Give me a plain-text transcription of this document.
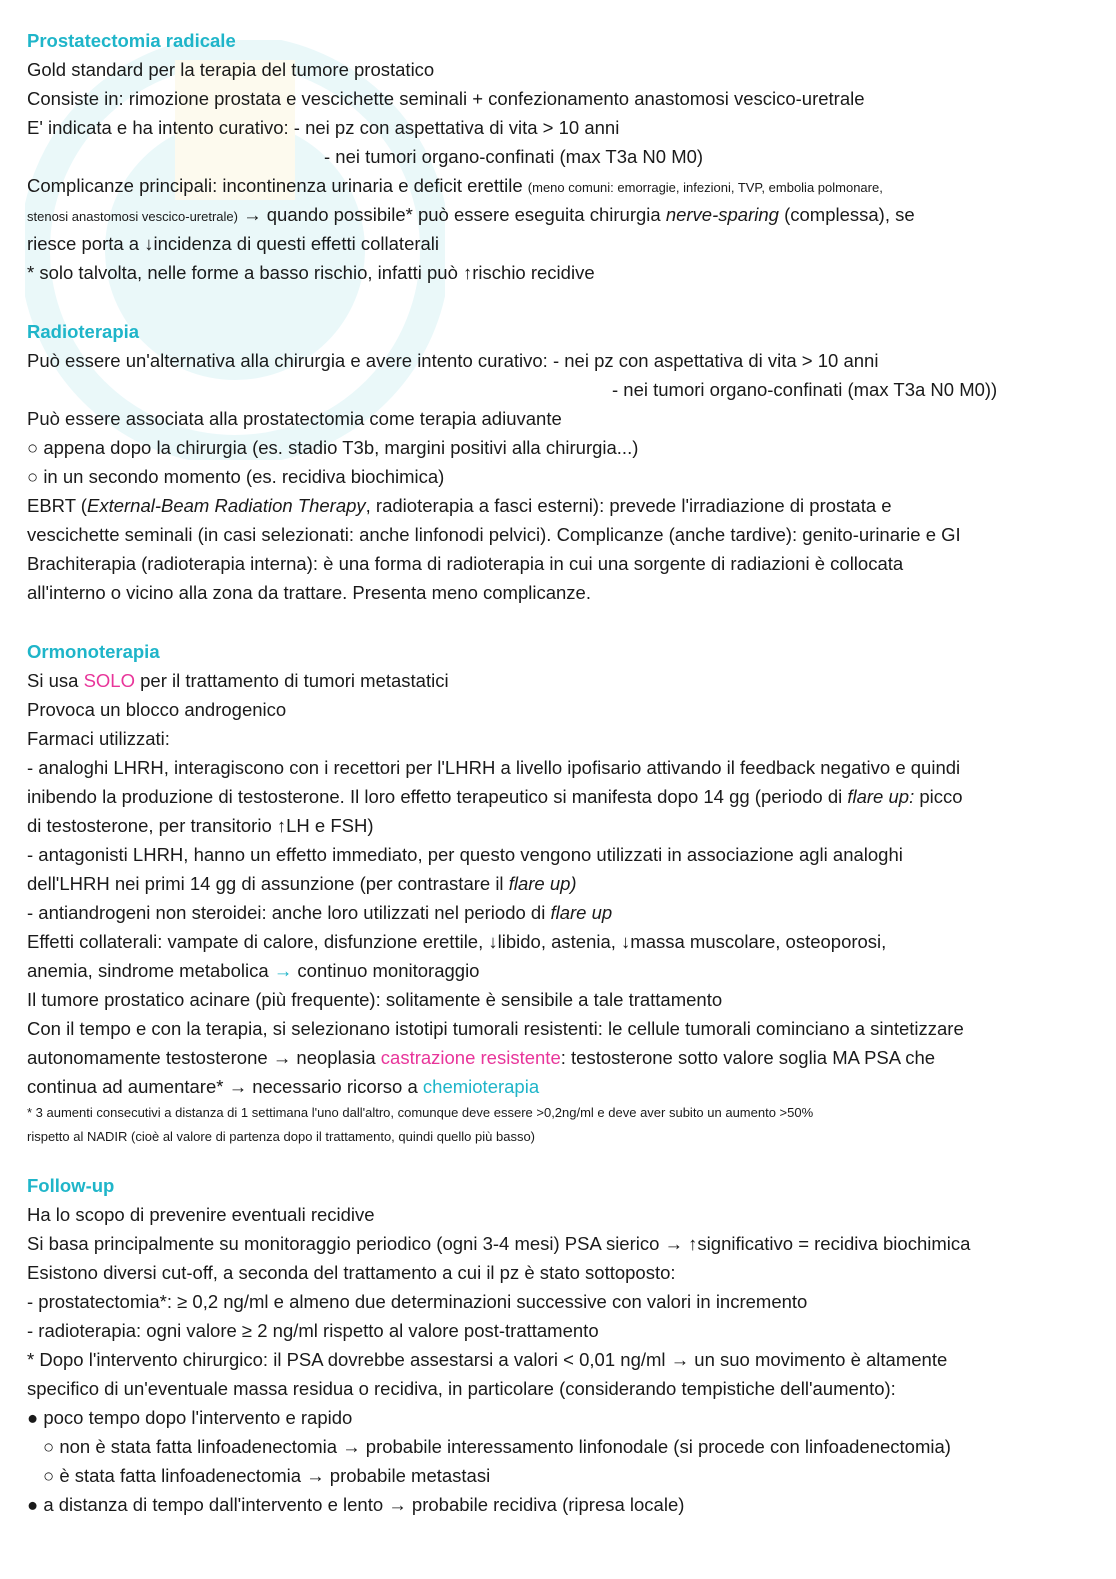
Prostatectomia radicale
Gold standard per la terapia del tumore prostatico
Consiste in: rimozione prostata e vescichette seminali + confezionamento anastomosi vescico-uretrale
E' indicata e ha intento curativo: - nei pz con aspettativa di vita > 10 anni
- nei tumori organo-confinati (max T3a N0 M0)
Complicanze principali: incontinenza urinaria e deficit erettile (meno comuni: emorragie, infezioni, TVP, embolia polmonare,
stenosi anastomosi vescico-uretrale) → quando possibile* può essere eseguita chirurgia nerve-sparing (complessa), se
riesce porta a ↓incidenza di questi effetti collaterali
* solo talvolta, nelle forme a basso rischio, infatti può ↑rischio recidive
Radioterapia
Può essere un'alternativa alla chirurgia e avere intento curativo: - nei pz con aspettativa di vita > 10 anni
- nei tumori organo-confinati (max T3a N0 M0))
Può essere associata alla prostatectomia come terapia adiuvante
○ appena dopo la chirurgia (es. stadio T3b, margini positivi alla chirurgia...)
○ in un secondo momento (es. recidiva biochimica)
EBRT (External-Beam Radiation Therapy, radioterapia a fasci esterni): prevede l'irradiazione di prostata e
vescichette seminali (in casi selezionati: anche linfonodi pelvici). Complicanze (anche tardive): genito-urinarie e GI
Brachiterapia (radioterapia interna): è una forma di radioterapia in cui una sorgente di radiazioni è collocata
all'interno o vicino alla zona da trattare. Presenta meno complicanze.
Ormonoterapia
Si usa SOLO per il trattamento di tumori metastatici
Provoca un blocco androgenico
Farmaci utilizzati:
- analoghi LHRH, interagiscono con i recettori per l'LHRH a livello ipofisario attivando il feedback negativo e quindi
inibendo la produzione di testosterone. Il loro effetto terapeutico si manifesta dopo 14 gg (periodo di flare up: picco
di testosterone, per transitorio ↑LH e FSH)
- antagonisti LHRH, hanno un effetto immediato, per questo vengono utilizzati in associazione agli analoghi
dell'LHRH nei primi 14 gg di assunzione (per contrastare il flare up)
- antiandrogeni non steroidei: anche loro utilizzati nel periodo di flare up
Effetti collaterali: vampate di calore, disfunzione erettile, ↓libido, astenia, ↓massa muscolare, osteoporosi,
anemia, sindrome metabolica → continuo monitoraggio
Il tumore prostatico acinare (più frequente): solitamente è sensibile a tale trattamento
Con il tempo e con la terapia, si selezionano istotipi tumorali resistenti: le cellule tumorali cominciano a sintetizzare
autonomamente testosterone → neoplasia castrazione resistente: testosterone sotto valore soglia MA PSA che
continua ad aumentare* → necessario ricorso a chemioterapia
* 3 aumenti consecutivi a distanza di 1 settimana l'uno dall'altro, comunque deve essere >0,2ng/ml e deve aver subito un aumento >50%
rispetto al NADIR (cioè al valore di partenza dopo il trattamento, quindi quello più basso)
Follow-up
Ha lo scopo di prevenire eventuali recidive
Si basa principalmente su monitoraggio periodico (ogni 3-4 mesi) PSA sierico → ↑significativo = recidiva biochimica
Esistono diversi cut-off, a seconda del trattamento a cui il pz è stato sottoposto:
- prostatectomia*: ≥ 0,2 ng/ml e almeno due determinazioni successive con valori in incremento
- radioterapia: ogni valore ≥ 2 ng/ml rispetto al valore post-trattamento
* Dopo l'intervento chirurgico: il PSA dovrebbe assestarsi a valori < 0,01 ng/ml → un suo movimento è altamente
specifico di un'eventuale massa residua o recidiva, in particolare (considerando tempistiche dell'aumento):
● poco tempo dopo l'intervento e rapido
○ non è stata fatta linfoadenectomia → probabile interessamento linfonodale (si procede con linfoadenectomia)
○ è stata fatta linfoadenectomia → probabile metastasi
● a distanza di tempo dall'intervento e lento → probabile recidiva (ripresa locale)
